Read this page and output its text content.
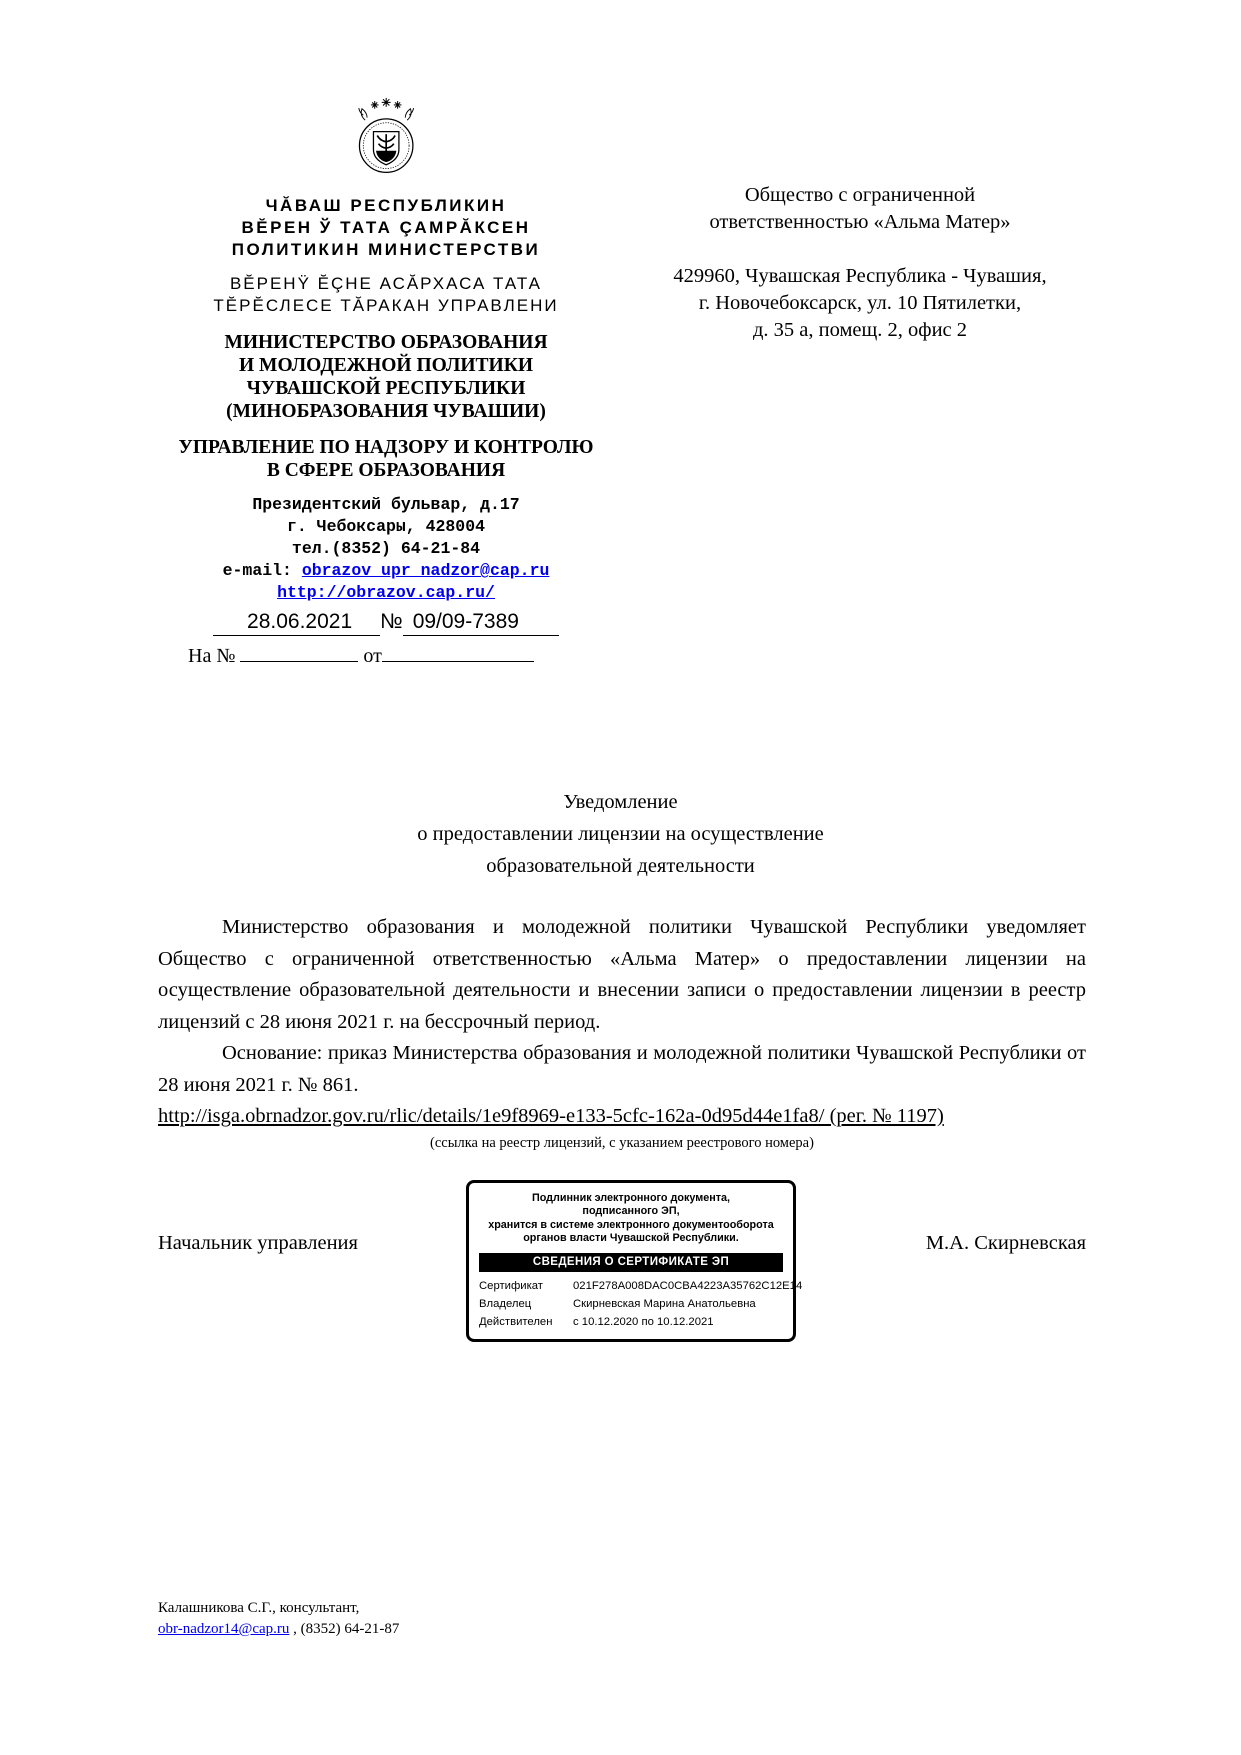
ЧĂВАШ РЕСПУБЛИКИН
ВĔРЕН Ў ТАТА ÇАМРĂКСЕН
ПОЛИТИКИН МИНИСТЕРСТВИ
ВĔРЕНŸ ĔÇНЕ АСĂРХАСА ТАТА
ТĔРĔСЛЕСЕ ТĂРАКАН УПРАВЛЕНИ
МИНИСТЕРСТВО ОБРАЗОВАНИЯ
И МОЛОДЕЖНОЙ ПОЛИТИКИ
ЧУВАШСКОЙ РЕСПУБЛИКИ
(МИНОБРАЗОВАНИЯ ЧУВАШИИ)
УПРАВЛЕНИЕ ПО НАДЗОРУ И КОНТРОЛЮ
В СФЕРЕ ОБРАЗОВАНИЯ
Президентский бульвар, д.17
г. Чебоксары, 428004
тел.(8352) 64-21-84
e-mail: obrazov_upr_nadzor@cap.ru
http://obrazov.cap.ru/
28.06.2021 № 09/09-7389
На №	от
Общество с ограниченной
ответственностью «Альма Матер»
429960, Чувашская Республика - Чувашия,
г. Новочебоксарск, ул. 10 Пятилетки,
д. 35 а, помещ. 2, офис 2
Уведомление
о предоставлении лицензии на осуществление
образовательной деятельности

Министерство образования и молодежной политики Чувашской Республики уведомляет Общество с ограниченной ответственностью «Альма Матер» о предоставлении лицензии на осуществление образовательной деятельности и внесении записи о предоставлении лицензии в реестр лицензий с 28 июня 2021 г. на бессрочный период.

Основание: приказ Министерства образования и молодежной политики Чувашской Республики от 28 июня 2021 г. № 861.

http://isga.obrnadzor.gov.ru/rlic/details/1e9f8969-e133-5cfc-162a-0d95d44e1fa8/ (рег. № 1197)
(ссылка на реестр лицензий, с указанием реестрового номера)
Начальник управления
Подлинник электронного документа,
подписанного ЭП,
хранится в системе электронного документооборота
органов власти Чувашской Республики.
СВЕДЕНИЯ О СЕРТИФИКАТЕ ЭП
Сертификат	021F278A008DAC0CBA4223A35762C12E14
Владелец	Скирневская Марина Анатольевна
Действителен	с 10.12.2020 по 10.12.2021
М.А. Скирневская
Калашникова С.Г., консультант,
obr-nadzor14@cap.ru , (8352) 64-21-87
